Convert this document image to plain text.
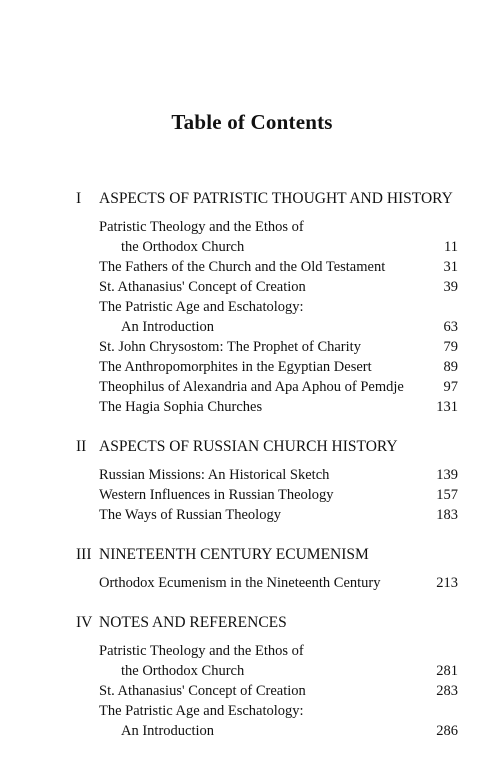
Table of Contents
I ASPECTS OF PATRISTIC THOUGHT AND HISTORY
Patristic Theology and the Ethos of
the Orthodox Church	11
The Fathers of the Church and the Old Testament	31
St. Athanasius' Concept of Creation	39
The Patristic Age and Eschatology:
An Introduction	63
St. John Chrysostom: The Prophet of Charity	79
The Anthropomorphites in the Egyptian Desert	89
Theophilus of Alexandria and Apa Aphou of Pemdje	97
The Hagia Sophia Churches	131
II ASPECTS OF RUSSIAN CHURCH HISTORY
Russian Missions: An Historical Sketch	139
Western Influences in Russian Theology	157
The Ways of Russian Theology	183
III NINETEENTH CENTURY ECUMENISM
Orthodox Ecumenism in the Nineteenth Century	213
IV NOTES AND REFERENCES
Patristic Theology and the Ethos of
the Orthodox Church	281
St. Athanasius' Concept of Creation	283
The Patristic Age and Eschatology:
An Introduction	286
